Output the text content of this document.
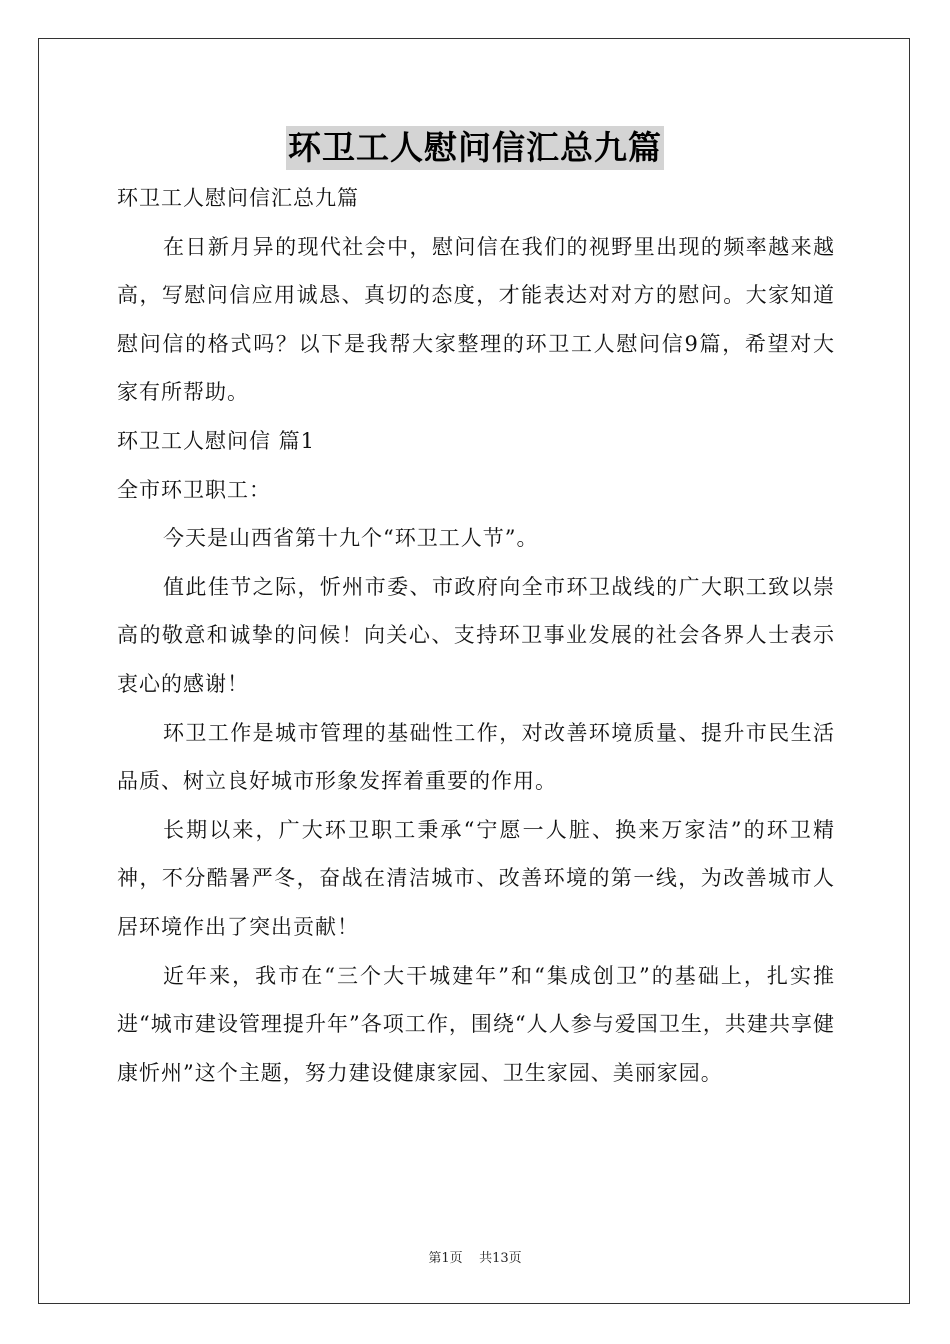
环卫工人慰问信汇总九篇

环卫工人慰问信汇总九篇

在日新月异的现代社会中，慰问信在我们的视野里出现的频率越来越高，写慰问信应用诚恳、真切的态度，才能表达对对方的慰问。大家知道慰问信的格式吗？以下是我帮大家整理的环卫工人慰问信9篇，希望对大家有所帮助。

环卫工人慰问信 篇1

全市环卫职工：

今天是山西省第十九个“环卫工人节”。

值此佳节之际，忻州市委、市政府向全市环卫战线的广大职工致以崇高的敬意和诚挚的问候！向关心、支持环卫事业发展的社会各界人士表示衷心的感谢！

环卫工作是城市管理的基础性工作，对改善环境质量、提升市民生活品质、树立良好城市形象发挥着重要的作用。

长期以来，广大环卫职工秉承“宁愿一人脏、换来万家洁”的环卫精神，不分酷暑严冬，奋战在清洁城市、改善环境的第一线，为改善城市人居环境作出了突出贡献！

近年来，我市在“三个大干城建年”和“集成创卫”的基础上，扎实推进“城市建设管理提升年”各项工作，围绕“人人参与爱国卫生，共建共享健康忻州”这个主题，努力建设健康家园、卫生家园、美丽家园。

第1页 共13页
